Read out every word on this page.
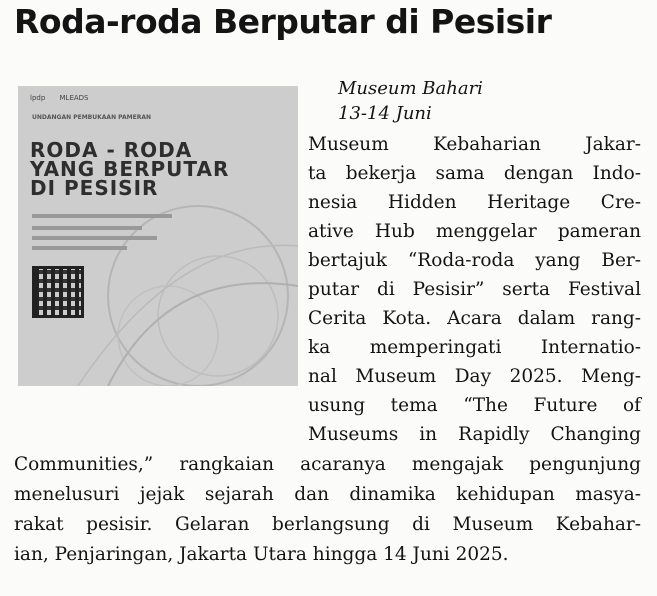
Roda-roda Berputar di Pesisir
lpdp MLEADS
UNDANGAN PEMBUKAAN PAMERAN
RODA - RODA
YANG BERPUTAR
DI PESISIR
Museum Bahari
13-14 Juni
Museum Kebaharian Jakar-
ta bekerja sama dengan Indo-
nesia Hidden Heritage Cre-
ative Hub menggelar pameran
bertajuk “Roda-roda yang Ber-
putar di Pesisir” serta Festival
Cerita Kota. Acara dalam rang-
ka memperingati Internatio-
nal Museum Day 2025. Meng-
usung tema “The Future of
Museums in Rapidly Changing
Communities,” rangkaian acaranya mengajak pengunjung
menelusuri jejak sejarah dan dinamika kehidupan masya-
rakat pesisir. Gelaran berlangsung di Museum Kebahar-
ian, Penjaringan, Jakarta Utara hingga 14 Juni 2025.
